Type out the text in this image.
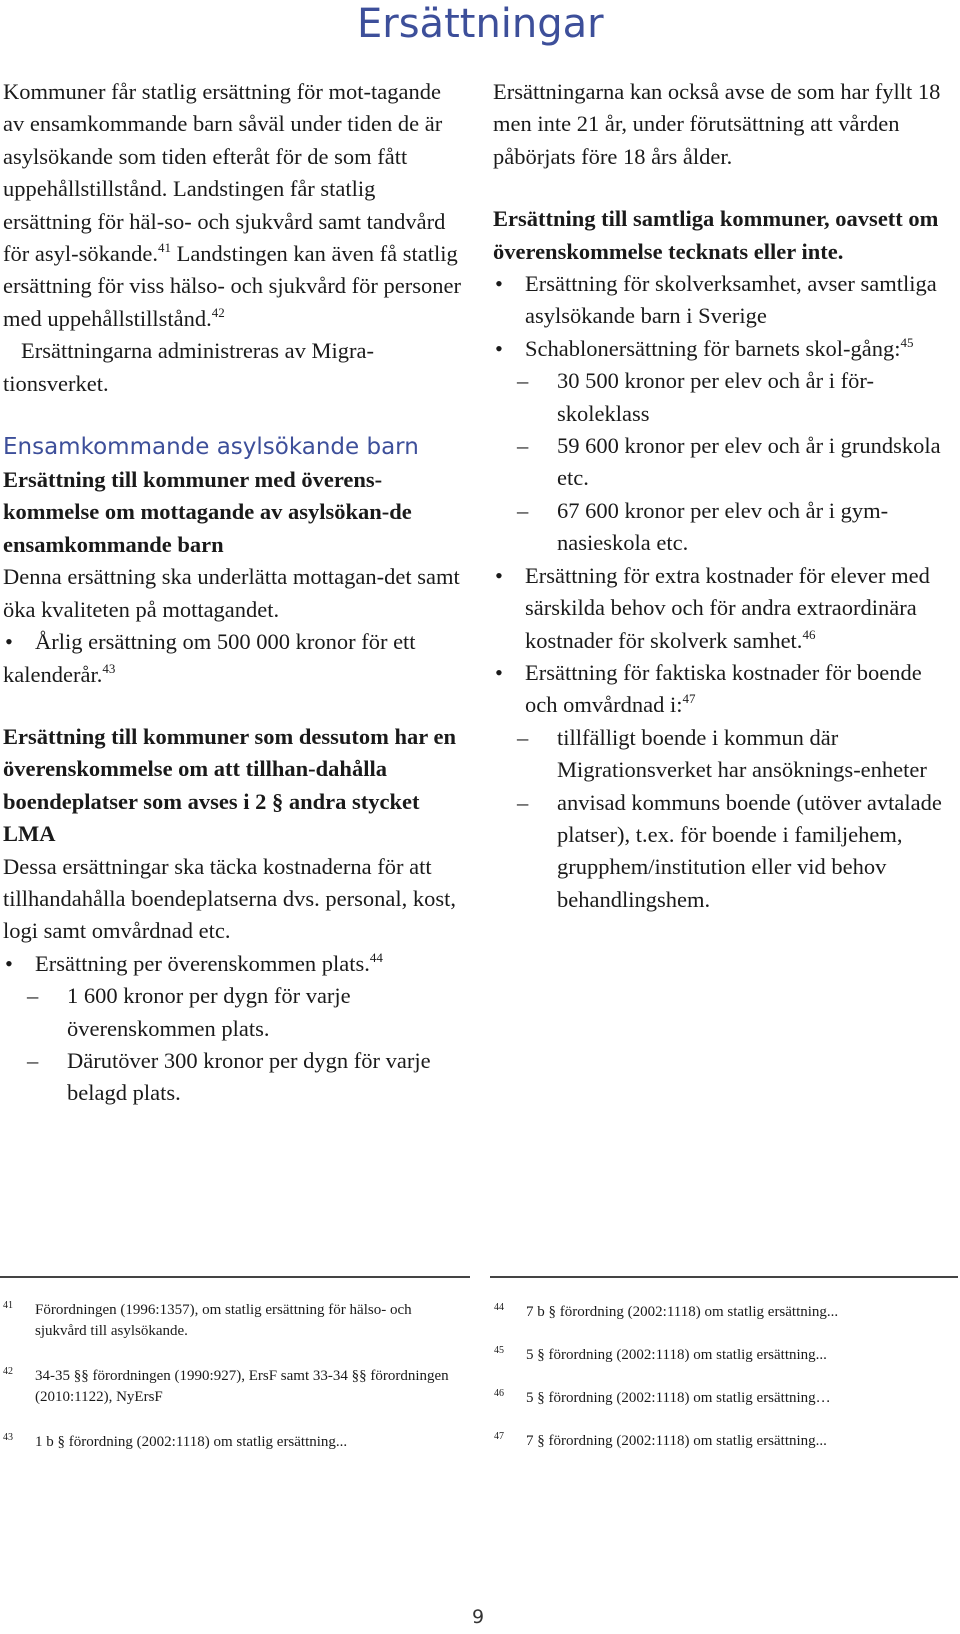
Ersättningar

Kommuner får statlig ersättning för mot-tagande av ensamkommande barn såväl under tiden de är asylsökande som tiden efteråt för de som fått uppehållstillstånd. Landstingen får statlig ersättning för häl-so- och sjukvård samt tandvård för asyl-sökande.$^{41}$ Landstingen kan även få statlig ersättning för viss hälso- och sjukvård för personer med uppehållstillstånd.$^{42}$

Ersättningarna administreras av Migra-tionsverket.

Ensamkommande asylsökande barn

Ersättning till kommuner med överens-kommelse om mottagande av asylsökan-de ensamkommande barn

Denna ersättning ska underlätta mottagan-det samt öka kvaliteten på mottagandet.

• Årlig ersättning om 500 000 kronor för ett kalenderår.$^{43}$

Ersättning till kommuner som dessutom har en överenskommelse om att tillhan-dahålla boendeplatser som avses i 2 § andra stycket LMA

Dessa ersättningar ska täcka kostnaderna för att tillhandahålla boendeplatserna dvs. personal, kost, logi samt omvårdnad etc.

• Ersättning per överenskommen plats.$^{44}$
– 1 600 kronor per dygn för varje överenskommen plats.
– Därutöver 300 kronor per dygn för varje belagd plats.

Ersättningarna kan också avse de som har fyllt 18 men inte 21 år, under förutsättning att vården påbörjats före 18 års ålder.

Ersättning till samtliga kommuner, oavsett om överenskommelse tecknats eller inte.

• Ersättning för skolverksamhet, avser samtliga asylsökande barn i Sverige
• Schablonersättning för barnets skol-gång:$^{45}$
– 30 500 kronor per elev och år i för-skoleklass
– 59 600 kronor per elev och år i grundskola etc.
– 67 600 kronor per elev och år i gym-nasieskola etc.
• Ersättning för extra kostnader för elever med särskilda behov och för andra extraordinära kostnader för skolverk samhet.$^{46}$
• Ersättning för faktiska kostnader för boende och omvårdnad i:$^{47}$
– tillfälligt boende i kommun där Migrationsverket har ansöknings-enheter
– anvisad kommuns boende (utöver avtalade platser), t.ex. för boende i familjehem, grupphem/institution eller vid behov behandlingshem.
41	Förordningen (1996:1357), om statlig ersättning för hälso- och sjukvård till asylsökande.
42	34-35 §§ förordningen (1990:927), ErsF samt 33-34 §§ förordningen (2010:1122), NyErsF
43	1 b § förordning (2002:1118) om statlig ersättning...
44	7 b § förordning (2002:1118) om statlig ersättning...
45	5 § förordning (2002:1118) om statlig ersättning...
46	5 § förordning (2002:1118) om statlig ersättning…
47	7 § förordning (2002:1118) om statlig ersättning...
9
